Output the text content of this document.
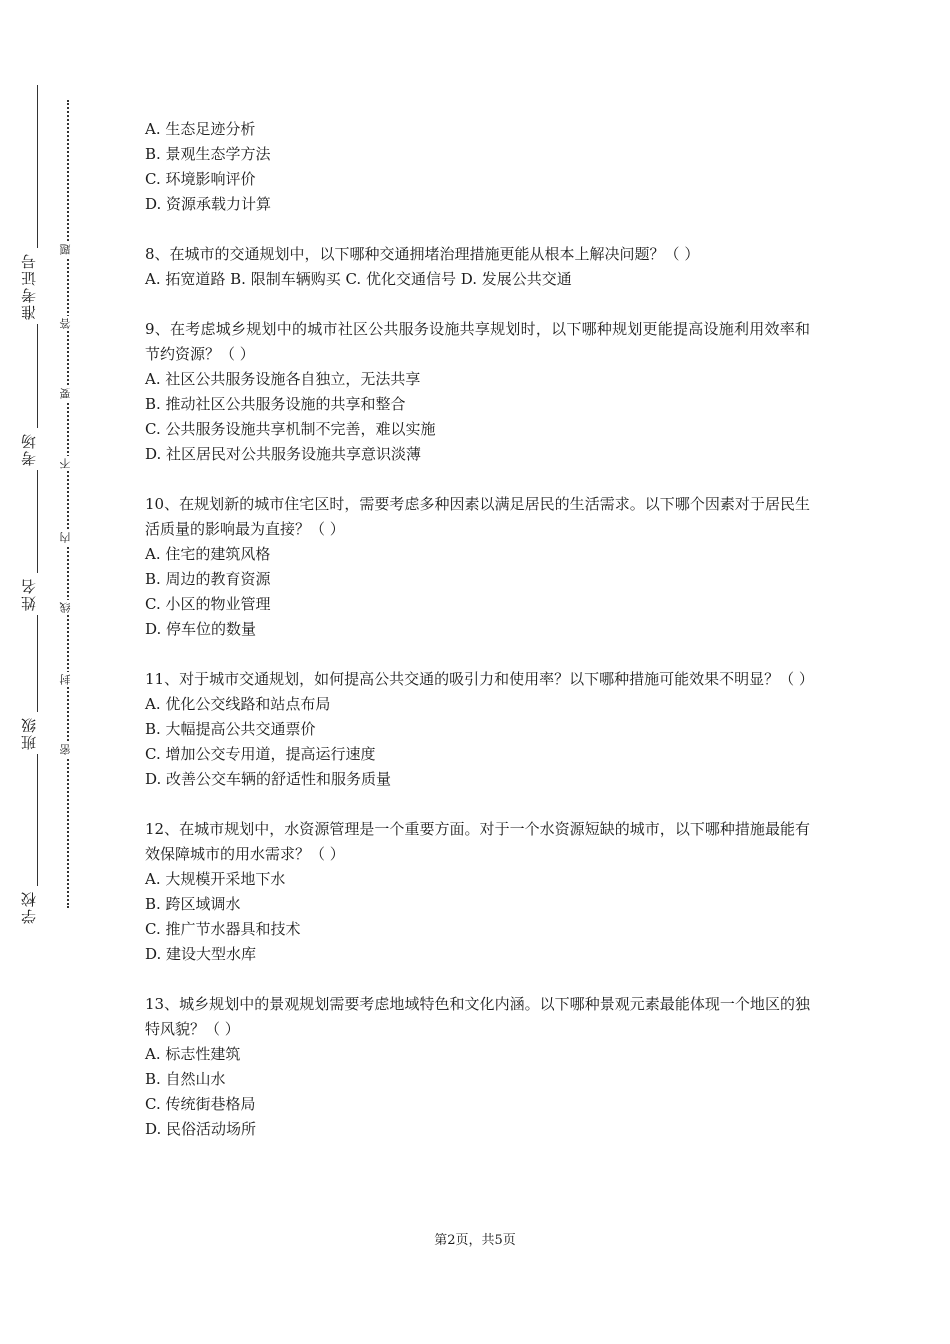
准考证号
考场
姓名
班级
学校
题
答
要
不
内
线
封
密
A. 生态足迹分析
B. 景观生态学方法
C. 环境影响评价
D. 资源承载力计算
8、在城市的交通规划中，以下哪种交通拥堵治理措施更能从根本上解决问题？（ ）
A. 拓宽道路 B. 限制车辆购买 C. 优化交通信号 D. 发展公共交通
9、在考虑城乡规划中的城市社区公共服务设施共享规划时，以下哪种规划更能提高设施利用效率和节约资源？（ ）
A. 社区公共服务设施各自独立，无法共享
B. 推动社区公共服务设施的共享和整合
C. 公共服务设施共享机制不完善，难以实施
D. 社区居民对公共服务设施共享意识淡薄
10、在规划新的城市住宅区时，需要考虑多种因素以满足居民的生活需求。以下哪个因素对于居民生活质量的影响最为直接？（ ）
A. 住宅的建筑风格
B. 周边的教育资源
C. 小区的物业管理
D. 停车位的数量
11、对于城市交通规划，如何提高公共交通的吸引力和使用率？以下哪种措施可能效果不明显？（ ）
A. 优化公交线路和站点布局
B. 大幅提高公共交通票价
C. 增加公交专用道，提高运行速度
D. 改善公交车辆的舒适性和服务质量
12、在城市规划中，水资源管理是一个重要方面。对于一个水资源短缺的城市，以下哪种措施最能有效保障城市的用水需求？（ ）
A. 大规模开采地下水
B. 跨区域调水
C. 推广节水器具和技术
D. 建设大型水库
13、城乡规划中的景观规划需要考虑地域特色和文化内涵。以下哪种景观元素最能体现一个地区的独特风貌？（ ）
A. 标志性建筑
B. 自然山水
C. 传统街巷格局
D. 民俗活动场所
第2页，共5页
